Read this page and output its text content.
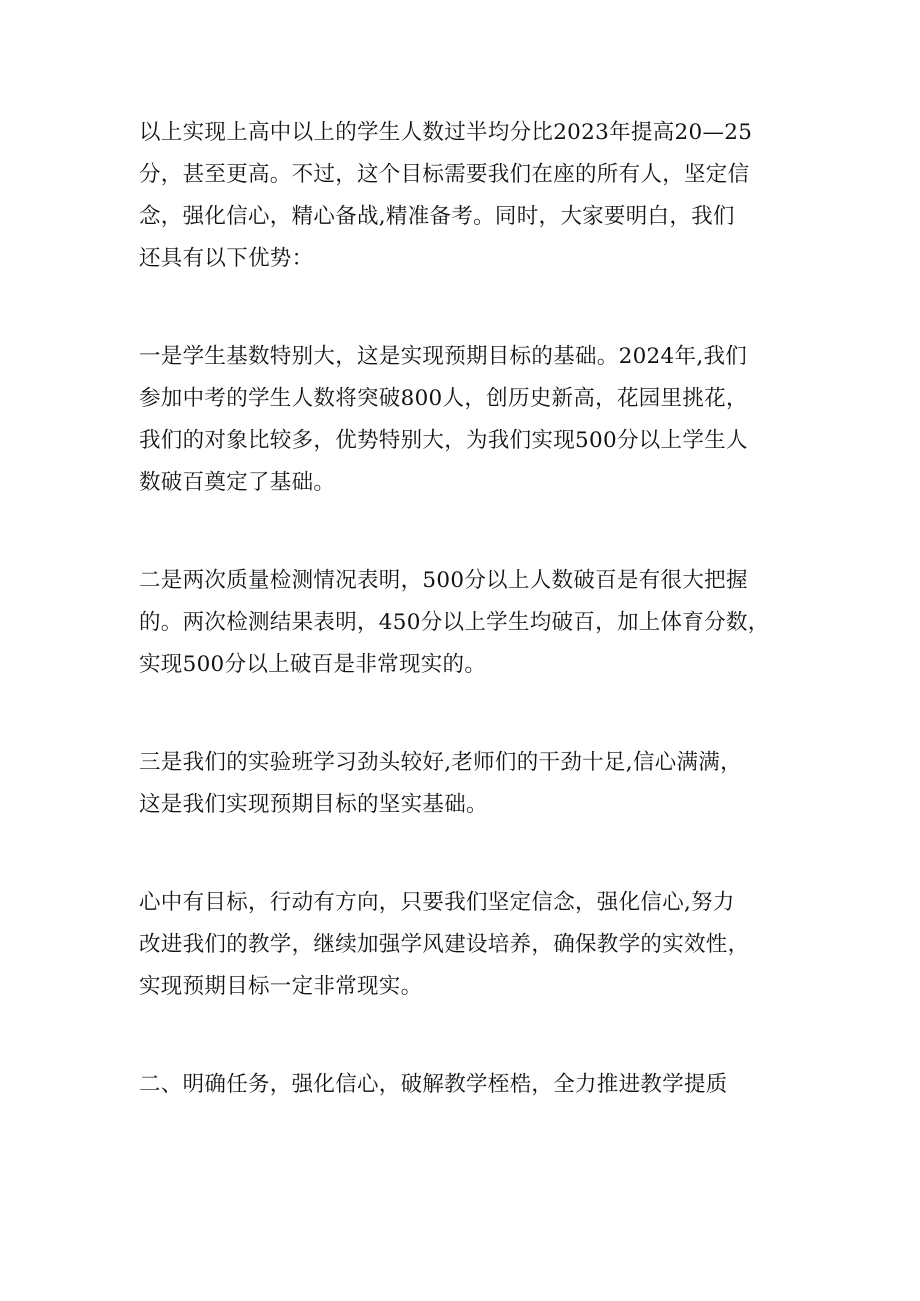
以上实现上高中以上的学生人数过半均分比2023年提高20—25
分，甚至更高。不过，这个目标需要我们在座的所有人，坚定信
念，强化信心，精心备战,精准备考。同时，大家要明白，我们
还具有以下优势：
一是学生基数特别大，这是实现预期目标的基础。2024年,我们
参加中考的学生人数将突破800人，创历史新高，花园里挑花，
我们的对象比较多，优势特别大，为我们实现500分以上学生人
数破百奠定了基础。
二是两次质量检测情况表明，500分以上人数破百是有很大把握
的。两次检测结果表明，450分以上学生均破百，加上体育分数，
实现500分以上破百是非常现实的。
三是我们的实验班学习劲头较好,老师们的干劲十足,信心满满，
这是我们实现预期目标的坚实基础。
心中有目标，行动有方向，只要我们坚定信念，强化信心,努力
改进我们的教学，继续加强学风建设培养，确保教学的实效性，
实现预期目标一定非常现实。
二、明确任务，强化信心，破解教学桎梏，全力推进教学提质
